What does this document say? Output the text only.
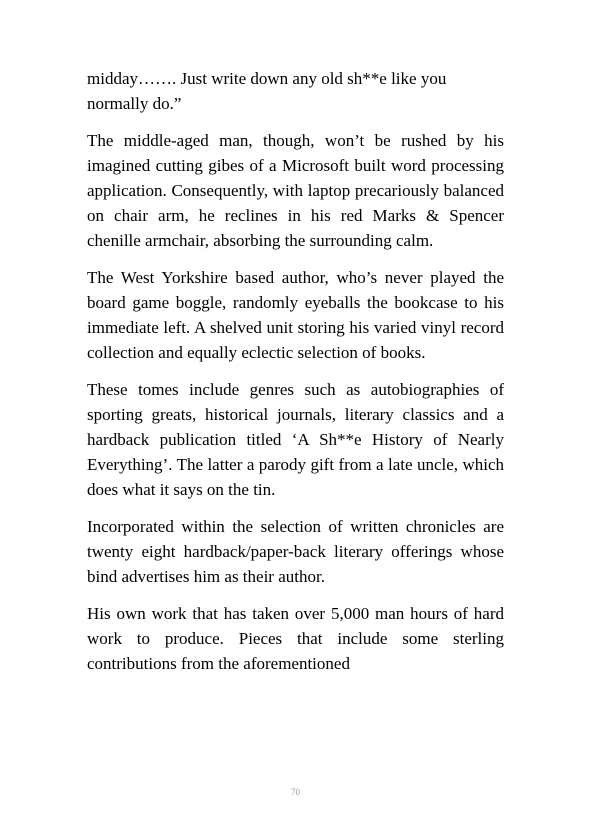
midday……. Just write down any old sh**e like you normally do.”

The middle-aged man, though, won’t be rushed by his imagined cutting gibes of a Microsoft built word processing application. Consequently, with laptop precariously balanced on chair arm, he reclines in his red Marks & Spencer chenille armchair, absorbing the surrounding calm.

The West Yorkshire based author, who’s never played the board game boggle, randomly eyeballs the bookcase to his immediate left. A shelved unit storing his varied vinyl record collection and equally eclectic selection of books.

These tomes include genres such as autobiographies of sporting greats, historical journals, literary classics and a hardback publication titled ‘A Sh**e History of Nearly Everything’. The latter a parody gift from a late uncle, which does what it says on the tin.

Incorporated within the selection of written chronicles are twenty eight hardback/paper-back literary offerings whose bind advertises him as their author.

His own work that has taken over 5,000 man hours of hard work to produce. Pieces that include some sterling contributions from the aforementioned

70
